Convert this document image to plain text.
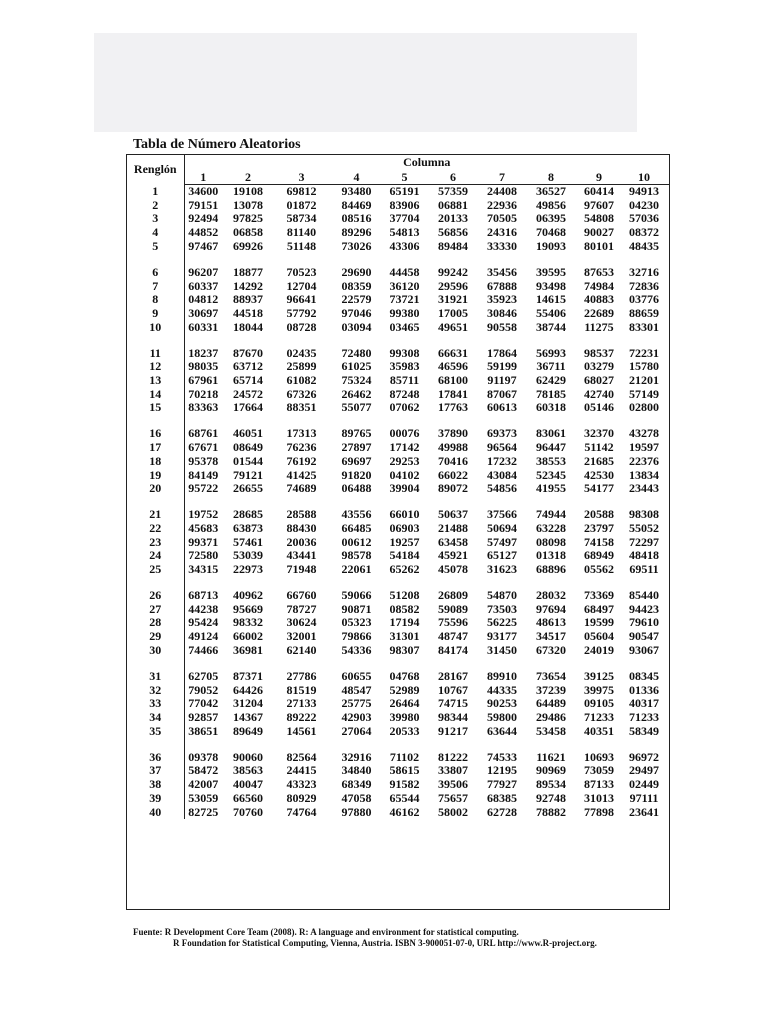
Tabla de Número Aleatorios
Renglón	Columna									
	1	2	3	4	5	6	7	8	9	10
1	34600	19108	69812	93480	65191	57359	24408	36527	60414	94913
2	79151	13078	01872	84469	83906	06881	22936	49856	97607	04230
3	92494	97825	58734	08516	37704	20133	70505	06395	54808	57036
4	44852	06858	81140	89296	54813	56856	24316	70468	90027	08372
5	97467	69926	51148	73026	43306	89484	33330	19093	80101	48435

6	96207	18877	70523	29690	44458	99242	35456	39595	87653	32716
7	60337	14292	12704	08359	36120	29596	67888	93498	74984	72836
8	04812	88937	96641	22579	73721	31921	35923	14615	40883	03776
9	30697	44518	57792	97046	99380	17005	30846	55406	22689	88659
10	60331	18044	08728	03094	03465	49651	90558	38744	11275	83301

11	18237	87670	02435	72480	99308	66631	17864	56993	98537	72231
12	98035	63712	25899	61025	35983	46596	59199	36711	03279	15780
13	67961	65714	61082	75324	85711	68100	91197	62429	68027	21201
14	70218	24572	67326	26462	87248	17841	87067	78185	42740	57149
15	83363	17664	88351	55077	07062	17763	60613	60318	05146	02800

16	68761	46051	17313	89765	00076	37890	69373	83061	32370	43278
17	67671	08649	76236	27897	17142	49988	96564	96447	51142	19597
18	95378	01544	76192	69697	29253	70416	17232	38553	21685	22376
19	84149	79121	41425	91820	04102	66022	43084	52345	42530	13834
20	95722	26655	74689	06488	39904	89072	54856	41955	54177	23443

21	19752	28685	28588	43556	66010	50637	37566	74944	20588	98308
22	45683	63873	88430	66485	06903	21488	50694	63228	23797	55052
23	99371	57461	20036	00612	19257	63458	57497	08098	74158	72297
24	72580	53039	43441	98578	54184	45921	65127	01318	68949	48418
25	34315	22973	71948	22061	65262	45078	31623	68896	05562	69511

26	68713	40962	66760	59066	51208	26809	54870	28032	73369	85440
27	44238	95669	78727	90871	08582	59089	73503	97694	68497	94423
28	95424	98332	30624	05323	17194	75596	56225	48613	19599	79610
29	49124	66002	32001	79866	31301	48747	93177	34517	05604	90547
30	74466	36981	62140	54336	98307	84174	31450	67320	24019	93067

31	62705	87371	27786	60655	04768	28167	89910	73654	39125	08345
32	79052	64426	81519	48547	52989	10767	44335	37239	39975	01336
33	77042	31204	27133	25775	26464	74715	90253	64489	09105	40317
34	92857	14367	89222	42903	39980	98344	59800	29486	71233	71233
35	38651	89649	14561	27064	20533	91217	63644	53458	40351	58349

36	09378	90060	82564	32916	71102	81222	74533	11621	10693	96972
37	58472	38563	24415	34840	58615	33807	12195	90969	73059	29497
38	42007	40047	43323	68349	91582	39506	77927	89534	87133	02449
39	53059	66560	80929	47058	65544	75657	68385	92748	31013	97111
40	82725	70760	74764	97880	46162	58002	62728	78882	77898	23641
Fuente: R Development Core Team (2008). R: A language and environment for statistical computing.
R Foundation for Statistical Computing, Vienna, Austria. ISBN 3-900051-07-0, URL http://www.R-project.org.
